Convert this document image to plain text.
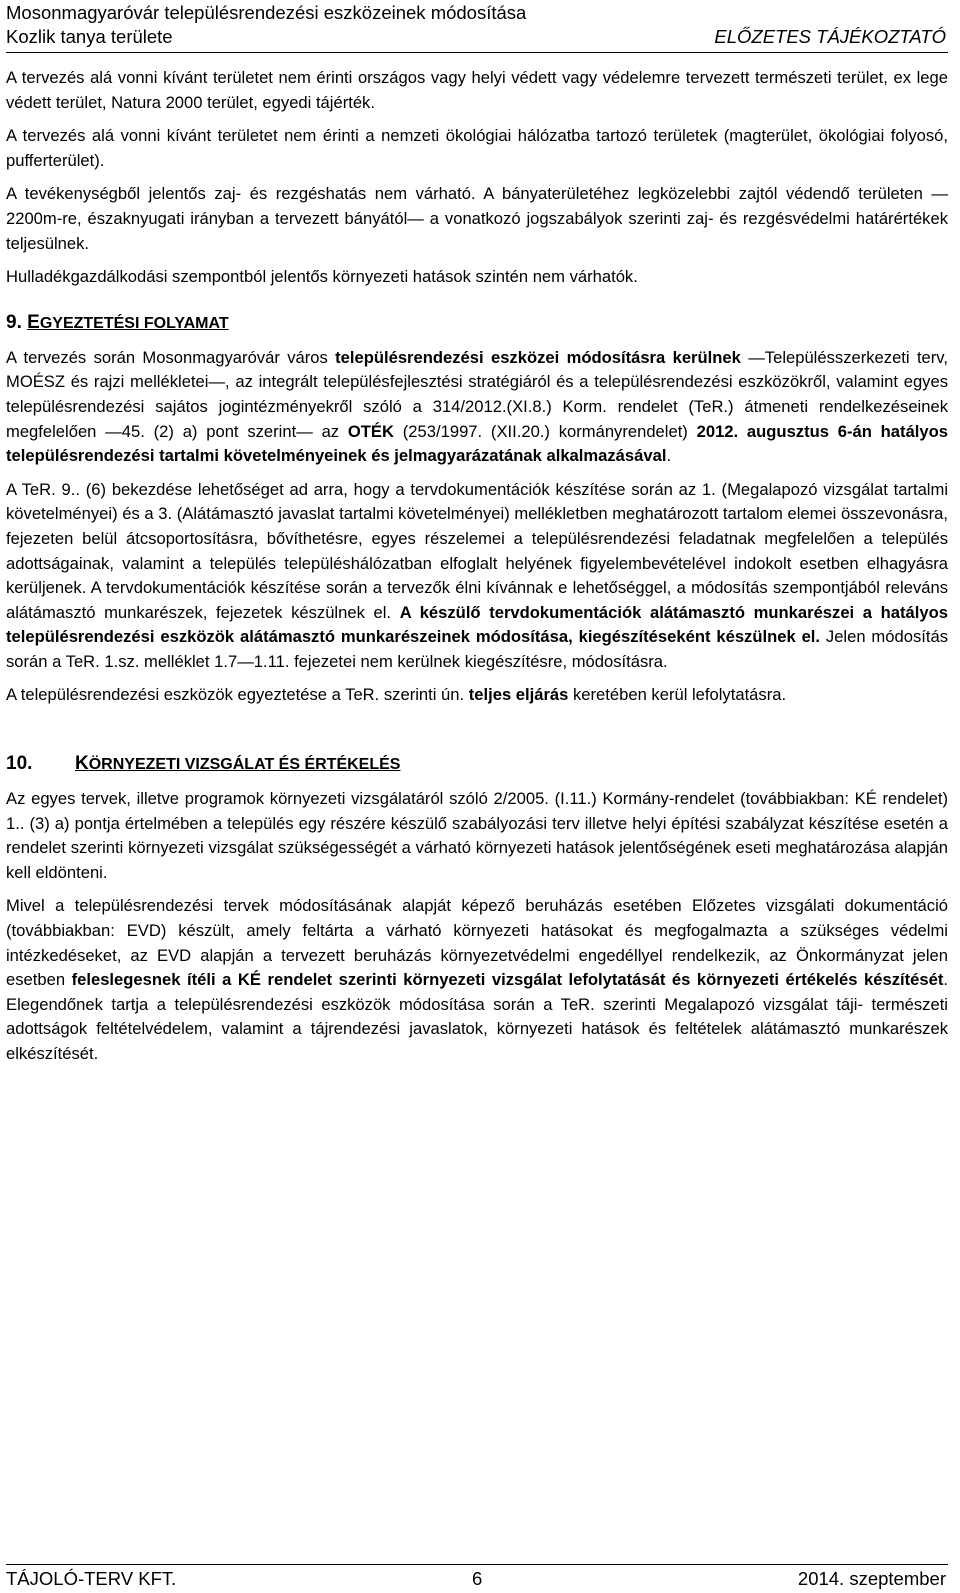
Mosonmagyaróvár településrendezési eszközeinek módosítása
Kozlik tanya területe	ELŐZETES TÁJÉKOZTATÓ

A tervezés alá vonni kívánt területet nem érinti országos vagy helyi védett vagy védelemre tervezett természeti terület, ex lege védett terület, Natura 2000 terület, egyedi tájérték.

A tervezés alá vonni kívánt területet nem érinti a nemzeti ökológiai hálózatba tartozó területek (magterület, ökológiai folyosó, pufferterület).

A tevékenységből jelentős zaj- és rezgéshatás nem várható. A bányaterületéhez legközelebbi zajtól védendő területen —2200m-re, északnyugati irányban a tervezett bányától— a vonatkozó jogszabályok szerinti zaj- és rezgésvédelmi határértékek teljesülnek.

Hulladékgazdálkodási szempontból jelentős környezeti hatások szintén nem várhatók.

9. EGYEZTETÉSI FOLYAMAT

A tervezés során Mosonmagyaróvár város településrendezési eszközei módosításra kerülnek —Településszerkezeti terv, MOÉSZ és rajzi mellékletei—, az integrált településfejlesztési stratégiáról és a településrendezési eszközökről, valamint egyes településrendezési sajátos jogintézményekről szóló a 314/2012.(XI.8.) Korm. rendelet (TeR.) átmeneti rendelkezéseinek megfelelően —45. (2) a) pont szerint— az OTÉK (253/1997. (XII.20.) kormányrendelet) 2012. augusztus 6-án hatályos településrendezési tartalmi követelményeinek és jelmagyarázatának alkalmazásával.

A TeR. 9.. (6) bekezdése lehetőséget ad arra, hogy a tervdokumentációk készítése során az 1. (Megalapozó vizsgálat tartalmi követelményei) és a 3. (Alátámasztó javaslat tartalmi követelményei) mellékletben meghatározott tartalom elemei összevonásra, fejezeten belül átcsoportosításra, bővíthetésre, egyes részelemei a településrendezési feladatnak megfelelően a település adottságainak, valamint a település településhálózatban elfoglalt helyének figyelembevételével indokolt esetben elhagyásra kerüljenek. A tervdokumentációk készítése során a tervezők élni kívánnak e lehetőséggel, a módosítás szempontjából releváns alátámasztó munkarészek, fejezetek készülnek el. A készülő tervdokumentációk alátámasztó munkarészei a hatályos településrendezési eszközök alátámasztó munkarészeinek módosítása, kiegészítéseként készülnek el. Jelen módosítás során a TeR. 1.sz. melléklet 1.7—1.11. fejezetei nem kerülnek kiegészítésre, módosításra.

A településrendezési eszközök egyeztetése a TeR. szerinti ún. teljes eljárás keretében kerül lefolytatásra.

10. KÖRNYEZETI VIZSGÁLAT ÉS ÉRTÉKELÉS

Az egyes tervek, illetve programok környezeti vizsgálatáról szóló 2/2005. (I.11.) Kormány-rendelet (továbbiakban: KÉ rendelet) 1.. (3) a) pontja értelmében a település egy részére készülő szabályozási terv illetve helyi építési szabályzat készítése esetén a rendelet szerinti környezeti vizsgálat szükségességét a várható környezeti hatások jelentőségének eseti meghatározása alapján kell eldönteni.

Mivel a településrendezési tervek módosításának alapját képező beruházás esetében Előzetes vizsgálati dokumentáció (továbbiakban: EVD) készült, amely feltárta a várható környezeti hatásokat és megfogalmazta a szükséges védelmi intézkedéseket, az EVD alapján a tervezett beruházás környezetvédelmi engedéllyel rendelkezik, az Önkormányzat jelen esetben feleslegesnek ítéli a KÉ rendelet szerinti környezeti vizsgálat lefolytatását és környezeti értékelés készítését. Elegendőnek tartja a településrendezési eszközök módosítása során a TeR. szerinti Megalapozó vizsgálat táji- természeti adottságok feltételvédelem, valamint a tájrendezési javaslatok, környezeti hatások és feltételek alátámasztó munkarészek elkészítését.

TÁJOLÓ-TERV KFT.	6	2014. szeptember
